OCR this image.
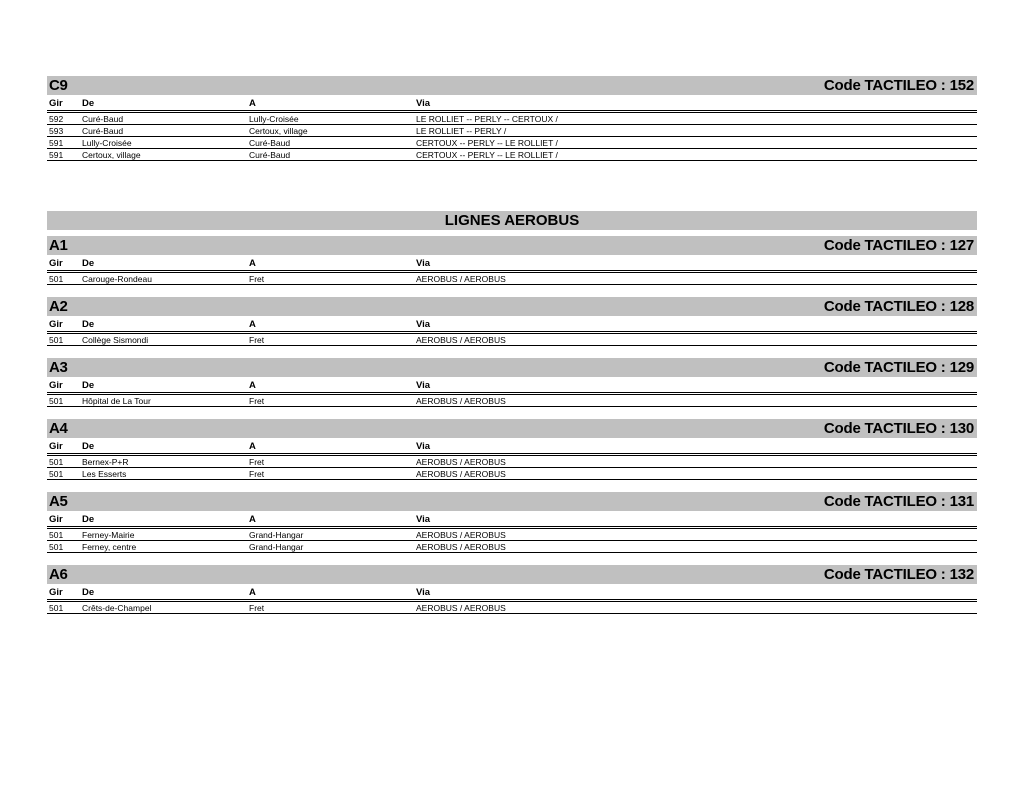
C9	Code TACTILEO : 152
Gir	De	A	Via
592	Curé-Baud	Lully-Croisée	LE ROLLIET -- PERLY -- CERTOUX /
593	Curé-Baud	Certoux, village	LE ROLLIET -- PERLY /
591	Lully-Croisée	Curé-Baud	CERTOUX -- PERLY -- LE ROLLIET /
591	Certoux, village	Curé-Baud	CERTOUX -- PERLY -- LE ROLLIET /
LIGNES AEROBUS
A1	Code TACTILEO : 127
Gir	De	A	Via
501	Carouge-Rondeau	Fret	AEROBUS / AEROBUS
A2	Code TACTILEO : 128
Gir	De	A	Via
501	Collège Sismondi	Fret	AEROBUS / AEROBUS
A3	Code TACTILEO : 129
Gir	De	A	Via
501	Hôpital de La Tour	Fret	AEROBUS / AEROBUS
A4	Code TACTILEO : 130
Gir	De	A	Via
501	Bernex-P+R	Fret	AEROBUS / AEROBUS
501	Les Esserts	Fret	AEROBUS / AEROBUS
A5	Code TACTILEO : 131
Gir	De	A	Via
501	Ferney-Mairie	Grand-Hangar	AEROBUS / AEROBUS
501	Ferney, centre	Grand-Hangar	AEROBUS / AEROBUS
A6	Code TACTILEO : 132
Gir	De	A	Via
501	Crêts-de-Champel	Fret	AEROBUS / AEROBUS
